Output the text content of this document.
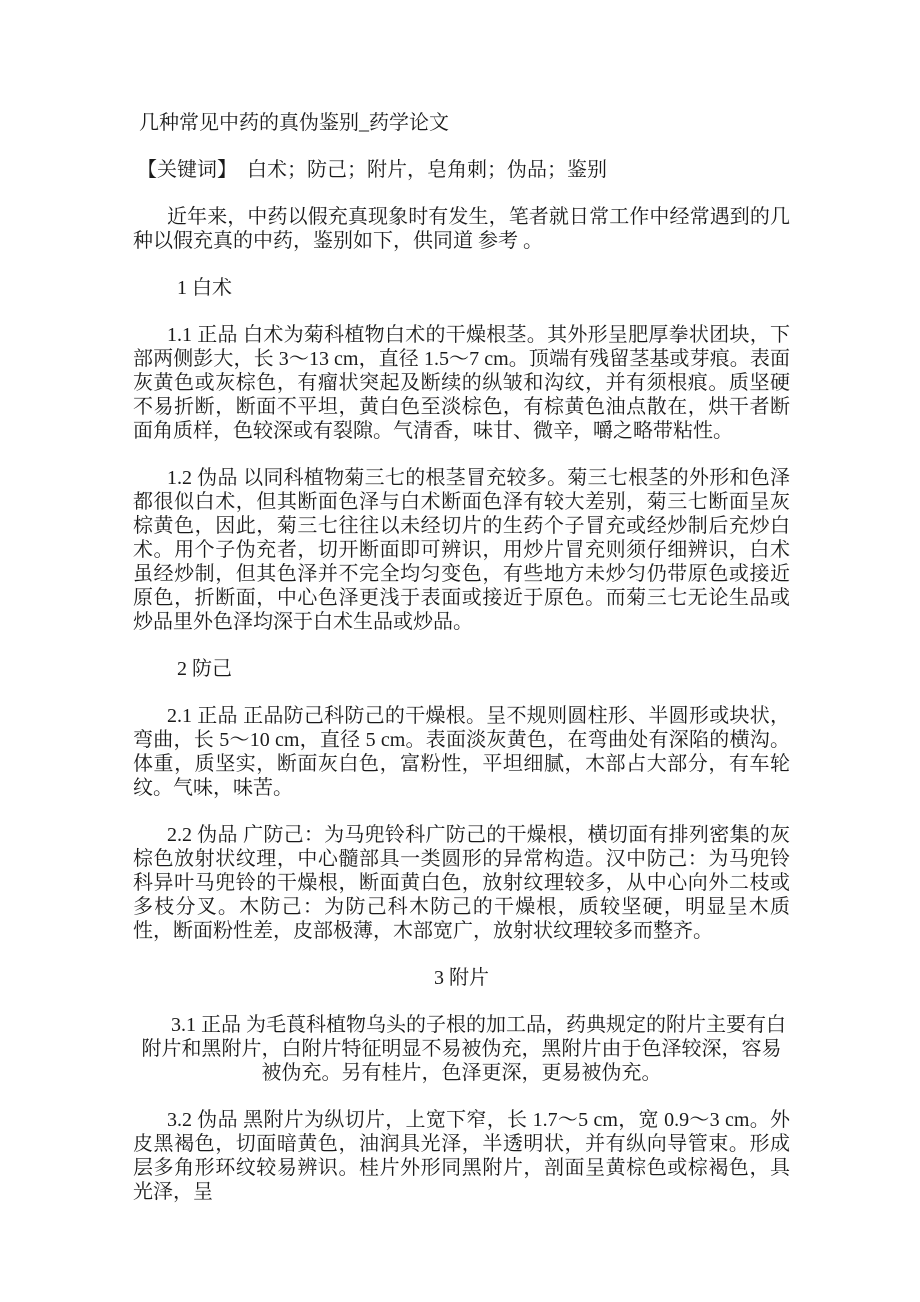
几种常见中药的真伪鉴别_药学论文
【关键词】　白术；防己；附片，皂角刺；伪品；鉴别
近年来，中药以假充真现象时有发生，笔者就日常工作中经常遇到的几种以假充真的中药，鉴别如下，供同道 参考 。
1 白术
1.1 正品 白术为菊科植物白术的干燥根茎。其外形呈肥厚拳状团块，下部两侧彭大，长 3～13 cm，直径 1.5～7 cm。顶端有残留茎基或芽痕。表面灰黄色或灰棕色，有瘤状突起及断续的纵皱和沟纹，并有须根痕。质坚硬不易折断，断面不平坦，黄白色至淡棕色，有棕黄色油点散在，烘干者断面角质样，色较深或有裂隙。气清香，味甘、微辛，嚼之略带粘性。
1.2 伪品 以同科植物菊三七的根茎冒充较多。菊三七根茎的外形和色泽都很似白术，但其断面色泽与白术断面色泽有较大差别，菊三七断面呈灰棕黄色，因此，菊三七往往以未经切片的生药个子冒充或经炒制后充炒白术。用个子伪充者，切开断面即可辨识，用炒片冒充则须仔细辨识，白术虽经炒制，但其色泽并不完全均匀变色，有些地方未炒匀仍带原色或接近原色，折断面，中心色泽更浅于表面或接近于原色。而菊三七无论生品或炒品里外色泽均深于白术生品或炒品。
2 防己
2.1 正品 正品防己科防己的干燥根。呈不规则圆柱形、半圆形或块状，弯曲，长 5～10 cm，直径 5 cm。表面淡灰黄色，在弯曲处有深陷的横沟。体重，质坚实，断面灰白色，富粉性，平坦细腻，木部占大部分，有车轮纹。气味，味苦。
2.2 伪品 广防己：为马兜铃科广防己的干燥根，横切面有排列密集的灰棕色放射状纹理，中心髓部具一类圆形的异常构造。汉中防己：为马兜铃科异叶马兜铃的干燥根，断面黄白色，放射纹理较多，从中心向外二枝或多枝分叉。木防己：为防己科木防己的干燥根，质较坚硬，明显呈木质性，断面粉性差，皮部极薄，木部宽广，放射状纹理较多而整齐。
3 附片
3.1 正品 为毛莨科植物乌头的子根的加工品，药典规定的附片主要有白附片和黑附片，白附片特征明显不易被伪充，黑附片由于色泽较深，容易被伪充。另有桂片，色泽更深，更易被伪充。
3.2 伪品 黑附片为纵切片，上宽下窄，长 1.7～5 cm，宽 0.9～3 cm。外皮黑褐色，切面暗黄色，油润具光泽，半透明状，并有纵向导管束。形成层多角形环纹较易辨识。桂片外形同黑附片，剖面呈黄棕色或棕褐色，具光泽，呈
